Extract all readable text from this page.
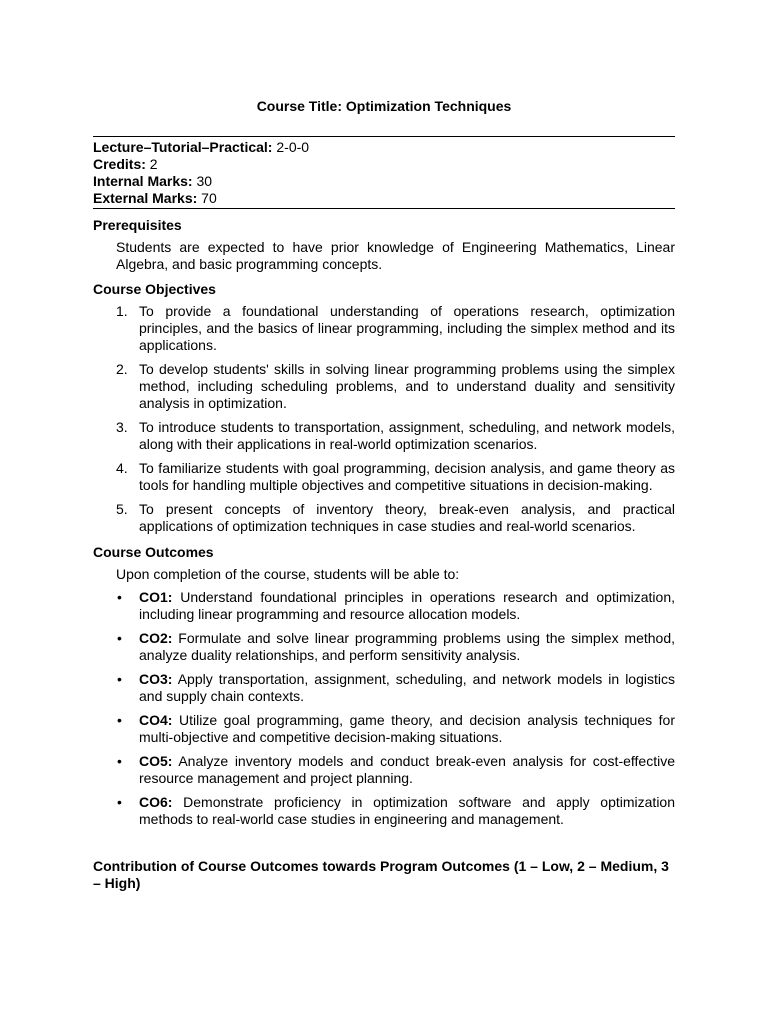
Course Title: Optimization Techniques
Lecture–Tutorial–Practical: 2-0-0
Credits: 2
Internal Marks: 30
External Marks: 70
Prerequisites
Students are expected to have prior knowledge of Engineering Mathematics, Linear Algebra, and basic programming concepts.
Course Objectives
1. To provide a foundational understanding of operations research, optimization principles, and the basics of linear programming, including the simplex method and its applications.
2. To develop students' skills in solving linear programming problems using the simplex method, including scheduling problems, and to understand duality and sensitivity analysis in optimization.
3. To introduce students to transportation, assignment, scheduling, and network models, along with their applications in real-world optimization scenarios.
4. To familiarize students with goal programming, decision analysis, and game theory as tools for handling multiple objectives and competitive situations in decision-making.
5. To present concepts of inventory theory, break-even analysis, and practical applications of optimization techniques in case studies and real-world scenarios.
Course Outcomes
Upon completion of the course, students will be able to:
• CO1: Understand foundational principles in operations research and optimization, including linear programming and resource allocation models.
• CO2: Formulate and solve linear programming problems using the simplex method, analyze duality relationships, and perform sensitivity analysis.
• CO3: Apply transportation, assignment, scheduling, and network models in logistics and supply chain contexts.
• CO4: Utilize goal programming, game theory, and decision analysis techniques for multi-objective and competitive decision-making situations.
• CO5: Analyze inventory models and conduct break-even analysis for cost-effective resource management and project planning.
• CO6: Demonstrate proficiency in optimization software and apply optimization methods to real-world case studies in engineering and management.
Contribution of Course Outcomes towards Program Outcomes (1 – Low, 2 – Medium, 3 – High)
